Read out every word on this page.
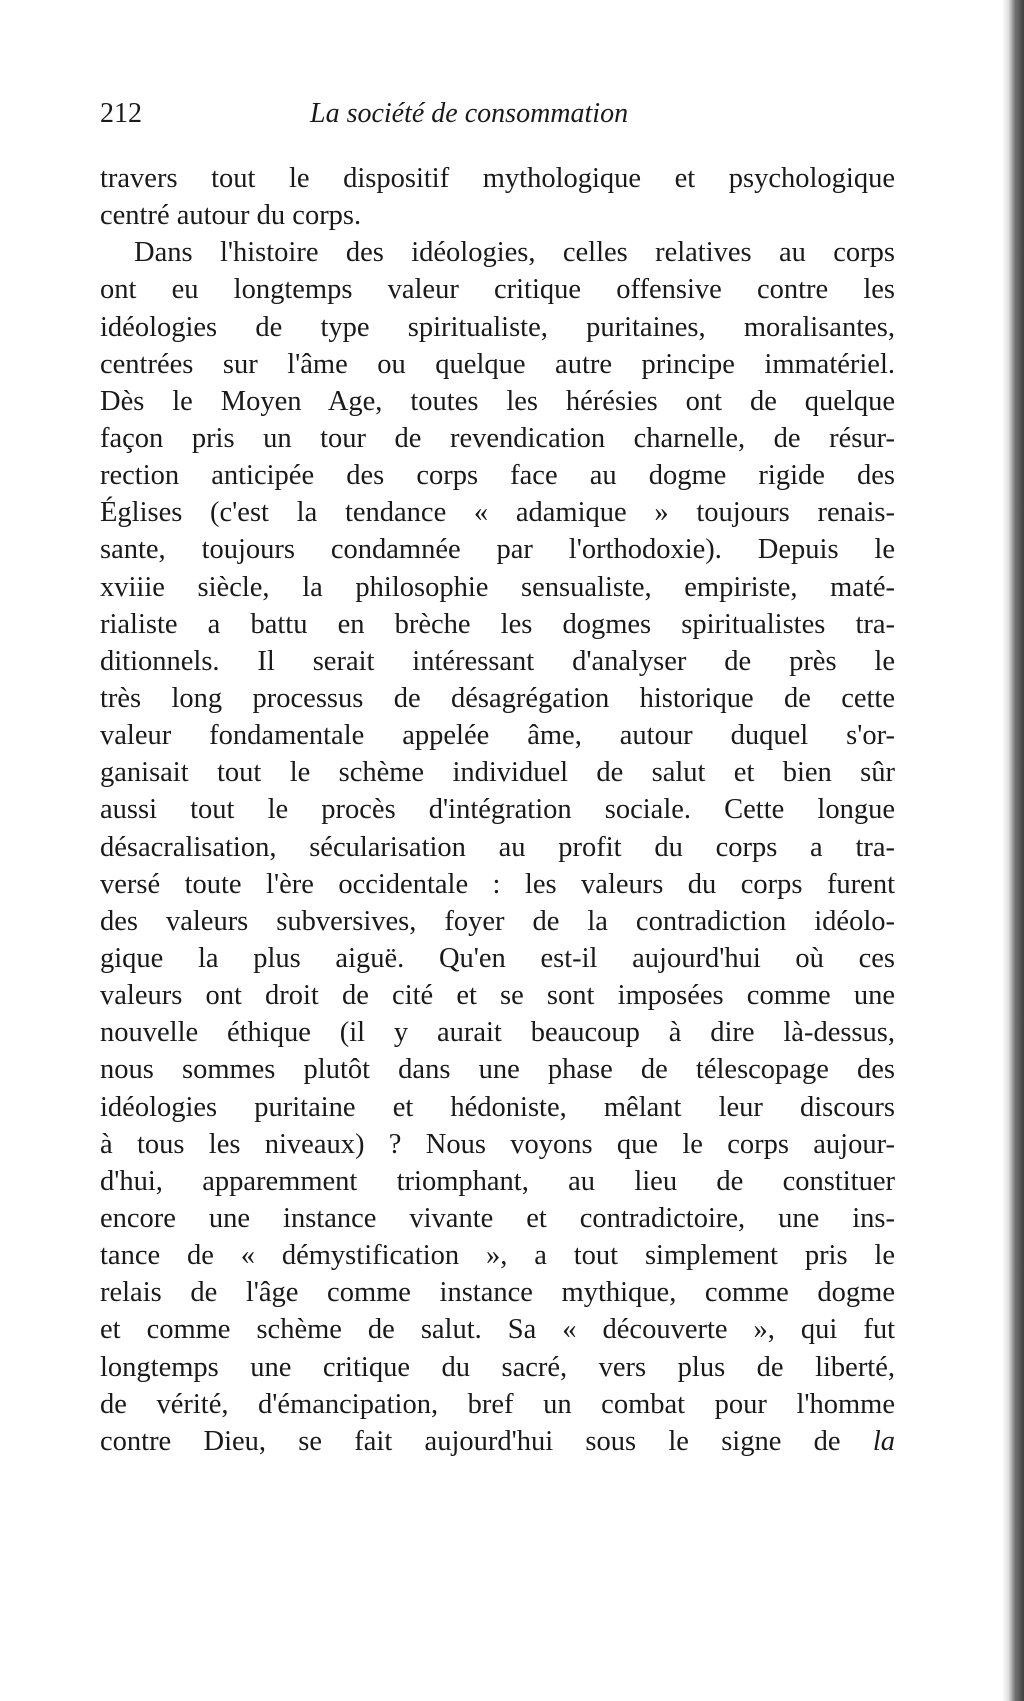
212	La société de consommation
travers tout le dispositif mythologique et psychologique
centré autour du corps.
Dans l'histoire des idéologies, celles relatives au corps
ont eu longtemps valeur critique offensive contre les
idéologies de type spiritualiste, puritaines, moralisantes,
centrées sur l'âme ou quelque autre principe immatériel.
Dès le Moyen Age, toutes les hérésies ont de quelque
façon pris un tour de revendication charnelle, de résur-
rection anticipée des corps face au dogme rigide des
Églises (c'est la tendance « adamique » toujours renais-
sante, toujours condamnée par l'orthodoxie). Depuis le
xviiie siècle, la philosophie sensualiste, empiriste, maté-
rialiste a battu en brèche les dogmes spiritualistes tra-
ditionnels. Il serait intéressant d'analyser de près le
très long processus de désagrégation historique de cette
valeur fondamentale appelée âme, autour duquel s'or-
ganisait tout le schème individuel de salut et bien sûr
aussi tout le procès d'intégration sociale. Cette longue
désacralisation, sécularisation au profit du corps a tra-
versé toute l'ère occidentale : les valeurs du corps furent
des valeurs subversives, foyer de la contradiction idéolo-
gique la plus aiguë. Qu'en est-il aujourd'hui où ces
valeurs ont droit de cité et se sont imposées comme une
nouvelle éthique (il y aurait beaucoup à dire là-dessus,
nous sommes plutôt dans une phase de télescopage des
idéologies puritaine et hédoniste, mêlant leur discours
à tous les niveaux) ? Nous voyons que le corps aujour-
d'hui, apparemment triomphant, au lieu de constituer
encore une instance vivante et contradictoire, une ins-
tance de « démystification », a tout simplement pris le
relais de l'âge comme instance mythique, comme dogme
et comme schème de salut. Sa « découverte », qui fut
longtemps une critique du sacré, vers plus de liberté,
de vérité, d'émancipation, bref un combat pour l'homme
contre Dieu, se fait aujourd'hui sous le signe de la
